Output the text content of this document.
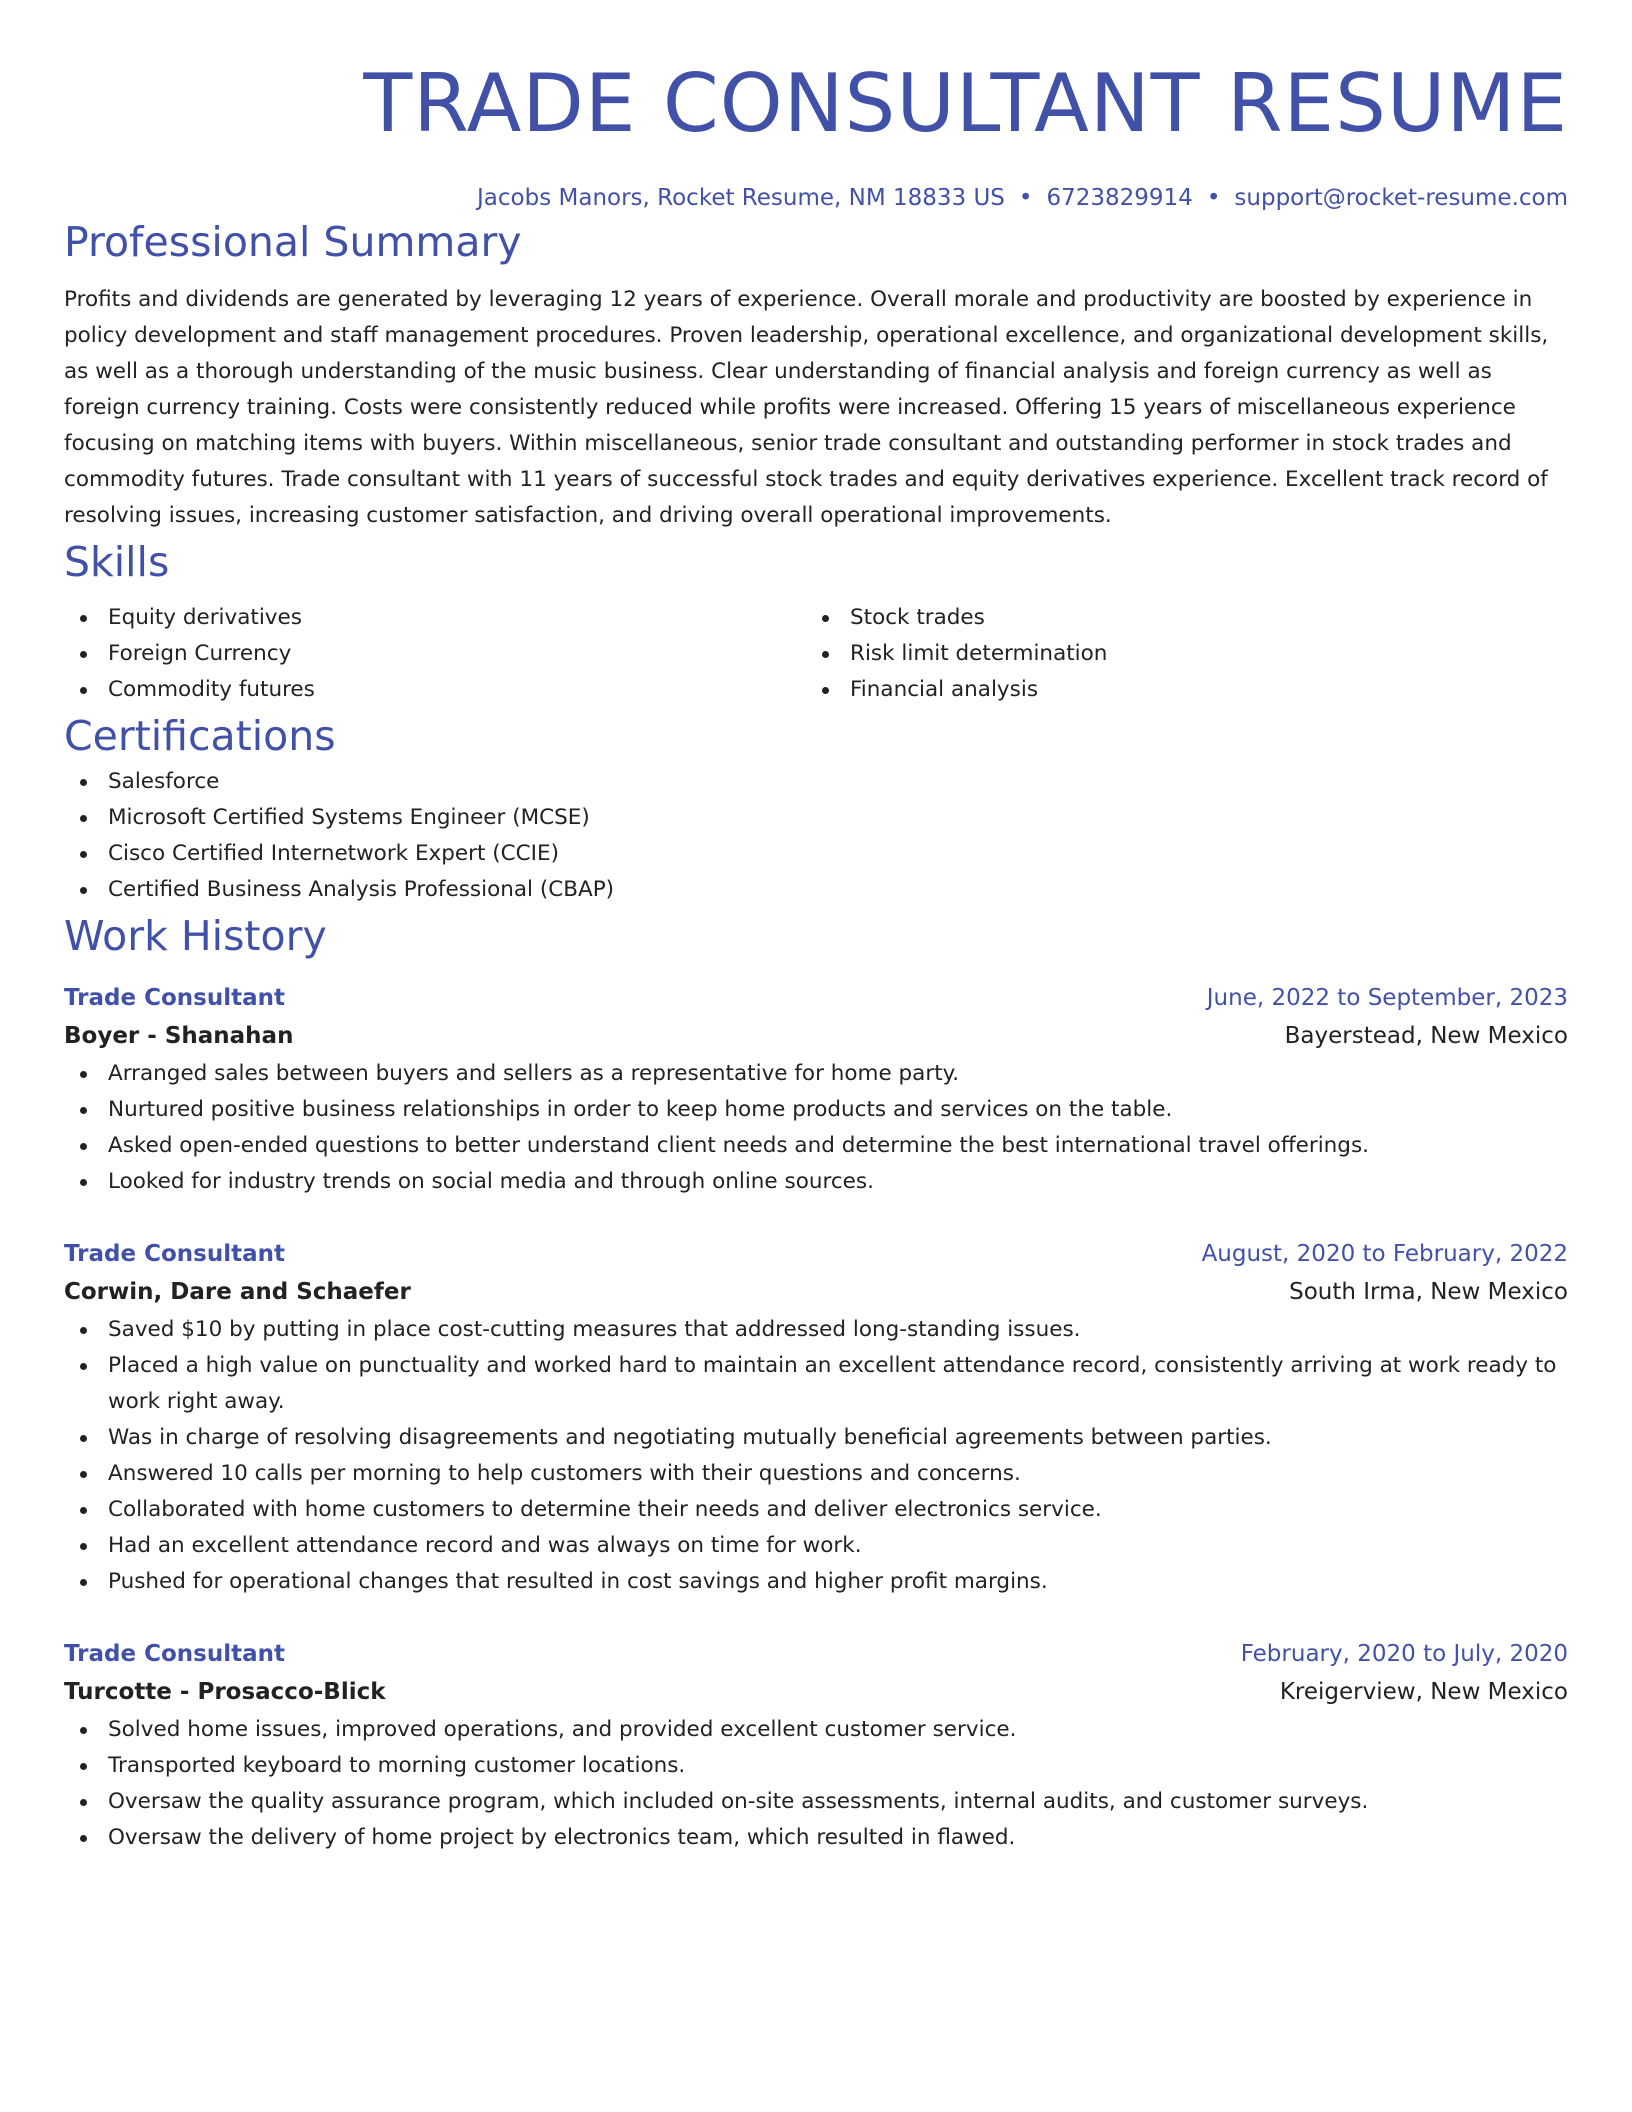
TRADE CONSULTANT RESUME
Jacobs Manors, Rocket Resume, NM 18833 US • 6723829914 • support@rocket-resume.com
Professional Summary

Profits and dividends are generated by leveraging 12 years of experience. Overall morale and productivity are boosted by experience in policy development and staff management procedures. Proven leadership, operational excellence, and organizational development skills, as well as a thorough understanding of the music business. Clear understanding of financial analysis and foreign currency as well as foreign currency training. Costs were consistently reduced while profits were increased. Offering 15 years of miscellaneous experience focusing on matching items with buyers. Within miscellaneous, senior trade consultant and outstanding performer in stock trades and commodity futures. Trade consultant with 11 years of successful stock trades and equity derivatives experience. Excellent track record of resolving issues, increasing customer satisfaction, and driving overall operational improvements.

Skills
Equity derivatives
Foreign Currency
Commodity futures
Stock trades
Risk limit determination
Financial analysis
Certifications
Salesforce
Microsoft Certified Systems Engineer (MCSE)
Cisco Certified Internetwork Expert (CCIE)
Certified Business Analysis Professional (CBAP)
Work History
Trade Consultant	June, 2022 to September, 2023
Boyer - Shanahan	Bayerstead, New Mexico
Arranged sales between buyers and sellers as a representative for home party.
Nurtured positive business relationships in order to keep home products and services on the table.
Asked open-ended questions to better understand client needs and determine the best international travel offerings.
Looked for industry trends on social media and through online sources.
Trade Consultant	August, 2020 to February, 2022
Corwin, Dare and Schaefer	South Irma, New Mexico
Saved $10 by putting in place cost-cutting measures that addressed long-standing issues.
Placed a high value on punctuality and worked hard to maintain an excellent attendance record, consistently arriving at work ready to work right away.
Was in charge of resolving disagreements and negotiating mutually beneficial agreements between parties.
Answered 10 calls per morning to help customers with their questions and concerns.
Collaborated with home customers to determine their needs and deliver electronics service.
Had an excellent attendance record and was always on time for work.
Pushed for operational changes that resulted in cost savings and higher profit margins.
Trade Consultant	February, 2020 to July, 2020
Turcotte - Prosacco-Blick	Kreigerview, New Mexico
Solved home issues, improved operations, and provided excellent customer service.
Transported keyboard to morning customer locations.
Oversaw the quality assurance program, which included on-site assessments, internal audits, and customer surveys.
Oversaw the delivery of home project by electronics team, which resulted in flawed.
